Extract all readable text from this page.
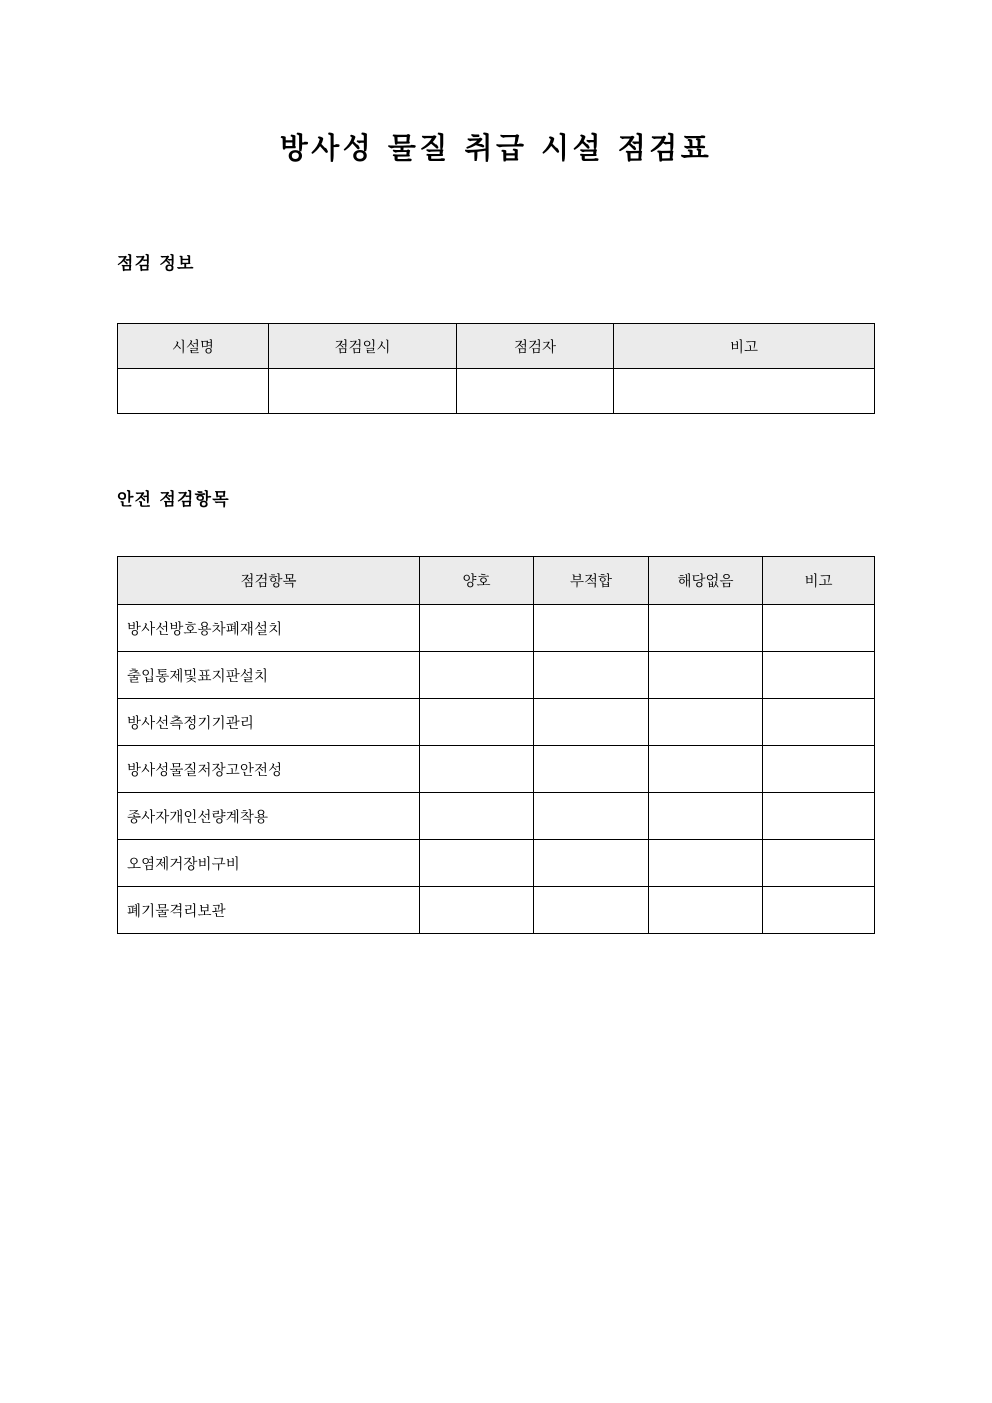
방사성 물질 취급 시설 점검표
점검 정보
시설명	점검일시	점검자	비고

안전 점검항목
점검항목	양호	부적합	해당없음	비고
방사선방호용차폐재설치				
출입통제및표지판설치				
방사선측정기기관리				
방사성물질저장고안전성				
종사자개인선량계착용				
오염제거장비구비				
폐기물격리보관				
